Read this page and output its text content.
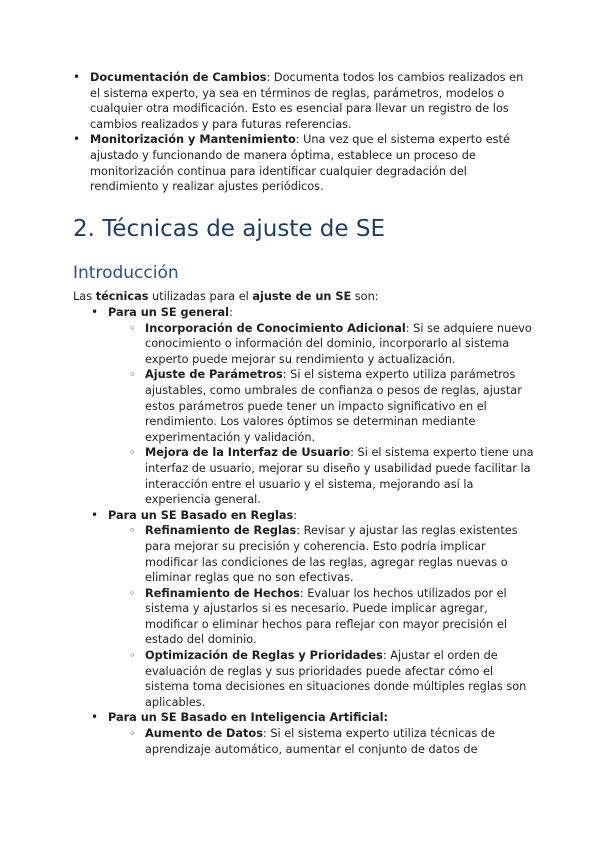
• Documentación de Cambios: Documenta todos los cambios realizados en el sistema experto, ya sea en términos de reglas, parámetros, modelos o cualquier otra modificación. Esto es esencial para llevar un registro de los cambios realizados y para futuras referencias.
• Monitorización y Mantenimiento: Una vez que el sistema experto esté ajustado y funcionando de manera óptima, establece un proceso de monitorización continua para identificar cualquier degradación del rendimiento y realizar ajustes periódicos.
2. Técnicas de ajuste de SE
Introducción

Las técnicas utilizadas para el ajuste de un SE son:

• Para un SE general:
◦ Incorporación de Conocimiento Adicional: Si se adquiere nuevo conocimiento o información del dominio, incorporarlo al sistema experto puede mejorar su rendimiento y actualización.
◦ Ajuste de Parámetros: Si el sistema experto utiliza parámetros ajustables, como umbrales de confianza o pesos de reglas, ajustar estos parámetros puede tener un impacto significativo en el rendimiento. Los valores óptimos se determinan mediante experimentación y validación.
◦ Mejora de la Interfaz de Usuario: Si el sistema experto tiene una interfaz de usuario, mejorar su diseño y usabilidad puede facilitar la interacción entre el usuario y el sistema, mejorando así la experiencia general.
• Para un SE Basado en Reglas:
◦ Refinamiento de Reglas: Revisar y ajustar las reglas existentes para mejorar su precisión y coherencia. Esto podría implicar modificar las condiciones de las reglas, agregar reglas nuevas o eliminar reglas que no son efectivas.
◦ Refinamiento de Hechos: Evaluar los hechos utilizados por el sistema y ajustarlos si es necesario. Puede implicar agregar, modificar o eliminar hechos para reflejar con mayor precisión el estado del dominio.
◦ Optimización de Reglas y Prioridades: Ajustar el orden de evaluación de reglas y sus prioridades puede afectar cómo el sistema toma decisiones en situaciones donde múltiples reglas son aplicables.
• Para un SE Basado en Inteligencia Artificial:
◦ Aumento de Datos: Si el sistema experto utiliza técnicas de aprendizaje automático, aumentar el conjunto de datos de
